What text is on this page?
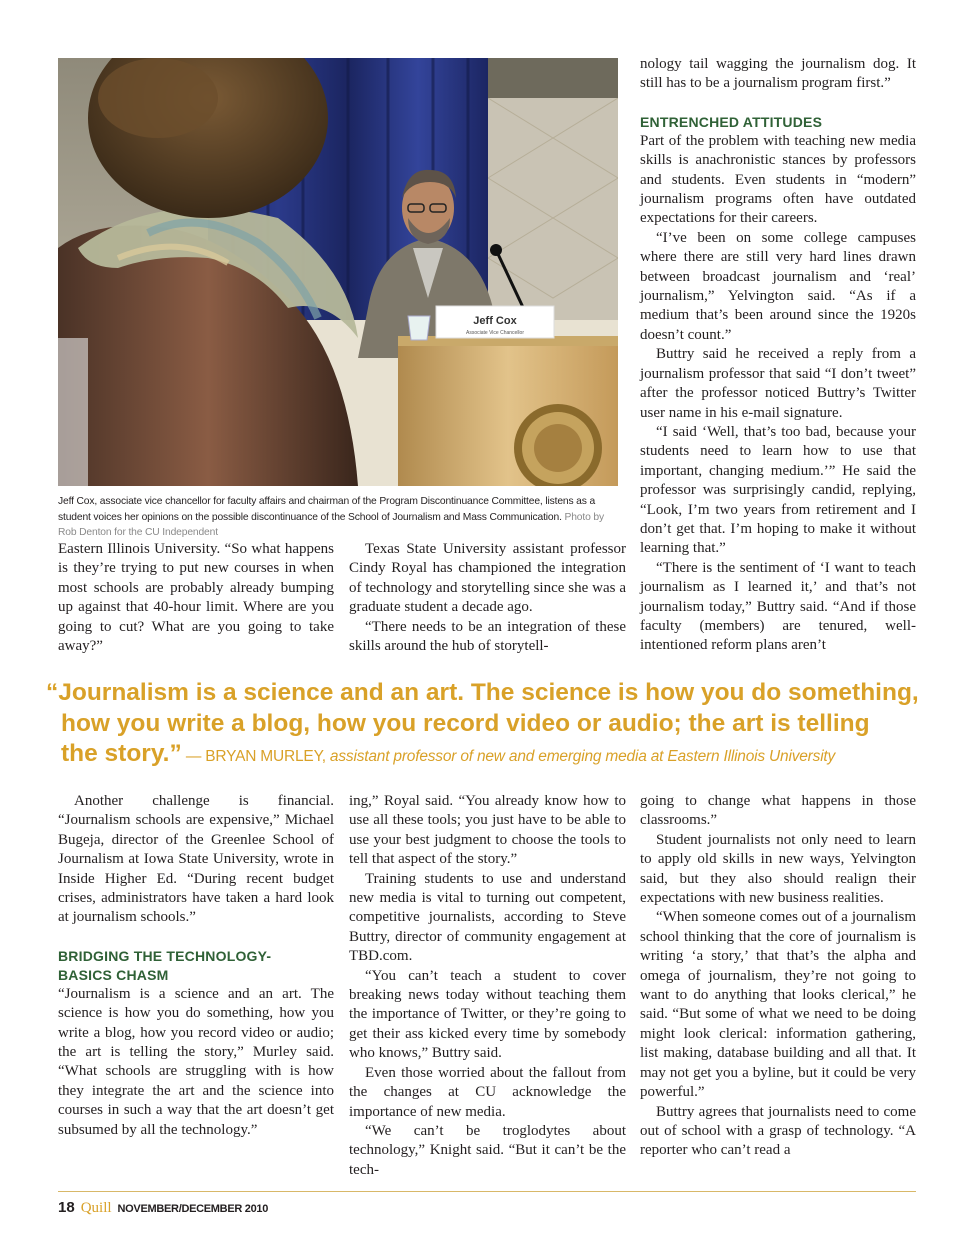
Jeff Cox
Associate Vice Chancellor
Jeff Cox, associate vice chancellor for faculty affairs and chairman of the Program Discontinuance Committee, listens as a student voices her opinions on the possible discontinuance of the School of Journalism and Mass Communication. Photo by Rob Denton for the CU Independent

Eastern Illinois University. “So what happens is they’re trying to put new courses in when most schools are probably already bumping up against that 40-hour limit. Where are you going to cut? What are you going to take away?”

Texas State University assistant professor Cindy Royal has championed the integration of technology and storytelling since she was a graduate student a decade ago.

“There needs to be an integration of these skills around the hub of storytell-

nology tail wagging the journalism dog. It still has to be a journalism program first.”

ENTRENCHED ATTITUDES

Part of the problem with teaching new media skills is anachronistic stances by professors and students. Even students in “modern” journalism programs often have outdated expectations for their careers.

“I’ve been on some college campuses where there are still very hard lines drawn between broadcast journalism and ‘real’ journalism,” Yelvington said. “As if a medium that’s been around since the 1920s doesn’t count.”

Buttry said he received a reply from a journalism professor that said “I don’t tweet” after the professor noticed Buttry’s Twitter user name in his e-mail signature.

“I said ‘Well, that’s too bad, because your students need to learn how to use that important, changing medium.’” He said the professor was surprisingly candid, replying, “Look, I’m two years from retirement and I don’t get that. I’m hoping to make it without learning that.”

“There is the sentiment of ‘I want to teach journalism as I learned it,’ and that’s not journalism today,” Buttry said. “And if those faculty (members) are tenured, well-intentioned reform plans aren’t

“Journalism is a science and an art. The science is how you do something,
how you write a blog, how you record video or audio; the art is telling
the story.” — BRYAN MURLEY, assistant professor of new and emerging media at Eastern Illinois University

Another challenge is financial. “Journalism schools are expensive,” Michael Bugeja, director of the Greenlee School of Journalism at Iowa State University, wrote in Inside Higher Ed. “During recent budget crises, administrators have taken a hard look at journalism schools.”

BRIDGING THE TECHNOLOGY-
BASICS CHASM

“Journalism is a science and an art. The science is how you do something, how you write a blog, how you record video or audio; the art is telling the story,” Murley said. “What schools are struggling with is how they integrate the art and the science into courses in such a way that the art doesn’t get subsumed by all the technology.”

ing,” Royal said. “You already know how to use all these tools; you just have to be able to use your best judgment to choose the tools to tell that aspect of the story.”

Training students to use and understand new media is vital to turning out competent, competitive journalists, according to Steve Buttry, director of community engagement at TBD.com.

“You can’t teach a student to cover breaking news today without teaching them the importance of Twitter, or they’re going to get their ass kicked every time by somebody who knows,” Buttry said.

Even those worried about the fallout from the changes at CU acknowledge the importance of new media.

“We can’t be troglodytes about technology,” Knight said. “But it can’t be the tech-

going to change what happens in those classrooms.”

Student journalists not only need to learn to apply old skills in new ways, Yelvington said, but they also should realign their expectations with new business realities.

“When someone comes out of a journalism school thinking that the core of journalism is writing ‘a story,’ that that’s the alpha and omega of journalism, they’re not going to want to do anything that looks clerical,” he said. “But some of what we need to be doing might look clerical: information gathering, list making, database building and all that. It may not get you a byline, but it could be very powerful.”

Buttry agrees that journalists need to come out of school with a grasp of technology. “A reporter who can’t read a

18 Quill NOVEMBER/DECEMBER 2010
